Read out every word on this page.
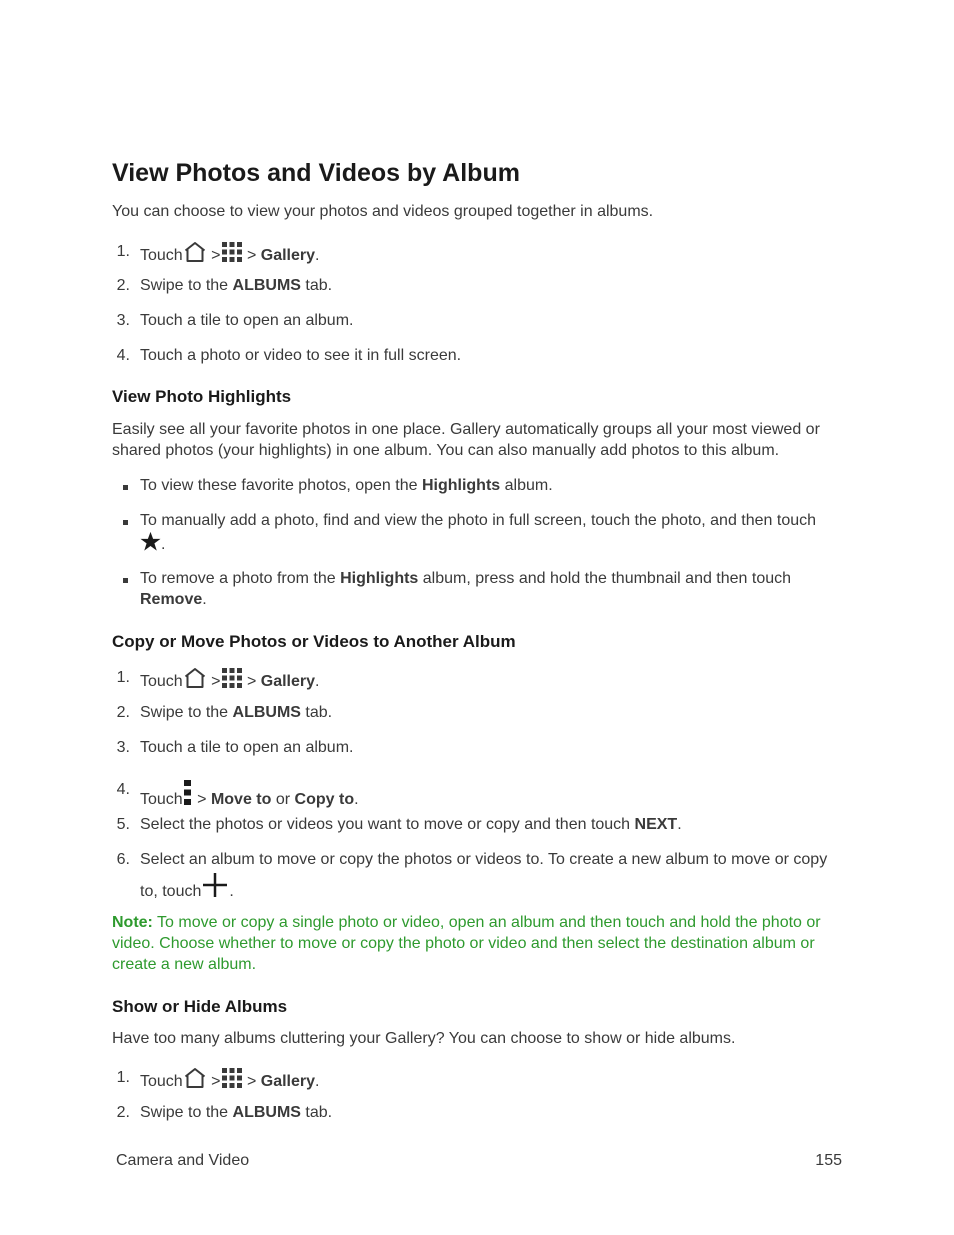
View Photos and Videos by Album

You can choose to view your photos and videos grouped together in albums.

1. Touch > > Gallery.
2. Swipe to the ALBUMS tab.
3. Touch a tile to open an album.
4. Touch a photo or video to see it in full screen.
View Photo Highlights

Easily see all your favorite photos in one place. Gallery automatically groups all your most viewed or shared photos (your highlights) in one album. You can also manually add photos to this album.

To view these favorite photos, open the Highlights album.
To manually add a photo, find and view the photo in full screen, touch the photo, and then touch
.
To remove a photo from the Highlights album, press and hold the thumbnail and then touch
Remove.
Copy or Move Photos or Videos to Another Album
1. Touch > > Gallery.
2. Swipe to the ALBUMS tab.
3. Touch a tile to open an album.
4.
Touch > Move to or Copy to.
5. Select the photos or videos you want to move or copy and then touch NEXT.
6. Select an album to move or copy the photos or videos to. To create a new album to move or copy
to, touch .

Note: To move or copy a single photo or video, open an album and then touch and hold the photo or video. Choose whether to move or copy the photo or video and then select the destination album or create a new album.

Show or Hide Albums

Have too many albums cluttering your Gallery? You can choose to show or hide albums.

1. Touch > > Gallery.
2. Swipe to the ALBUMS tab.
Camera and Video	155
